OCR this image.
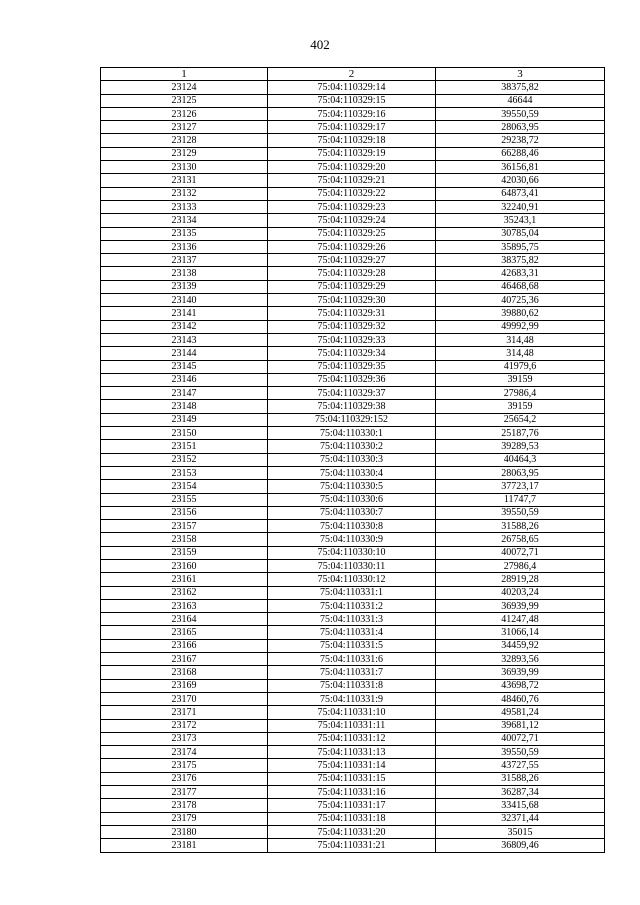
402
1	2	3
23124	75:04:110329:14	38375,82
23125	75:04:110329:15	46644
23126	75:04:110329:16	39550,59
23127	75:04:110329:17	28063,95
23128	75:04:110329:18	29238,72
23129	75:04:110329:19	66288,46
23130	75:04:110329:20	36156,81
23131	75:04:110329:21	42030,66
23132	75:04:110329:22	64873,41
23133	75:04:110329:23	32240,91
23134	75:04:110329:24	35243,1
23135	75:04:110329:25	30785,04
23136	75:04:110329:26	35895,75
23137	75:04:110329:27	38375,82
23138	75:04:110329:28	42683,31
23139	75:04:110329:29	46468,68
23140	75:04:110329:30	40725,36
23141	75:04:110329:31	39880,62
23142	75:04:110329:32	49992,99
23143	75:04:110329:33	314,48
23144	75:04:110329:34	314,48
23145	75:04:110329:35	41979,6
23146	75:04:110329:36	39159
23147	75:04:110329:37	27986,4
23148	75:04:110329:38	39159
23149	75:04:110329:152	25654,2
23150	75:04:110330:1	25187,76
23151	75:04:110330:2	39289,53
23152	75:04:110330:3	40464,3
23153	75:04:110330:4	28063,95
23154	75:04:110330:5	37723,17
23155	75:04:110330:6	11747,7
23156	75:04:110330:7	39550,59
23157	75:04:110330:8	31588,26
23158	75:04:110330:9	26758,65
23159	75:04:110330:10	40072,71
23160	75:04:110330:11	27986,4
23161	75:04:110330:12	28919,28
23162	75:04:110331:1	40203,24
23163	75:04:110331:2	36939,99
23164	75:04:110331:3	41247,48
23165	75:04:110331:4	31066,14
23166	75:04:110331:5	34459,92
23167	75:04:110331:6	32893,56
23168	75:04:110331:7	36939,99
23169	75:04:110331:8	43698,72
23170	75:04:110331:9	48460,76
23171	75:04:110331:10	49581,24
23172	75:04:110331:11	39681,12
23173	75:04:110331:12	40072,71
23174	75:04:110331:13	39550,59
23175	75:04:110331:14	43727,55
23176	75:04:110331:15	31588,26
23177	75:04:110331:16	36287,34
23178	75:04:110331:17	33415,68
23179	75:04:110331:18	32371,44
23180	75:04:110331:20	35015
23181	75:04:110331:21	36809,46
